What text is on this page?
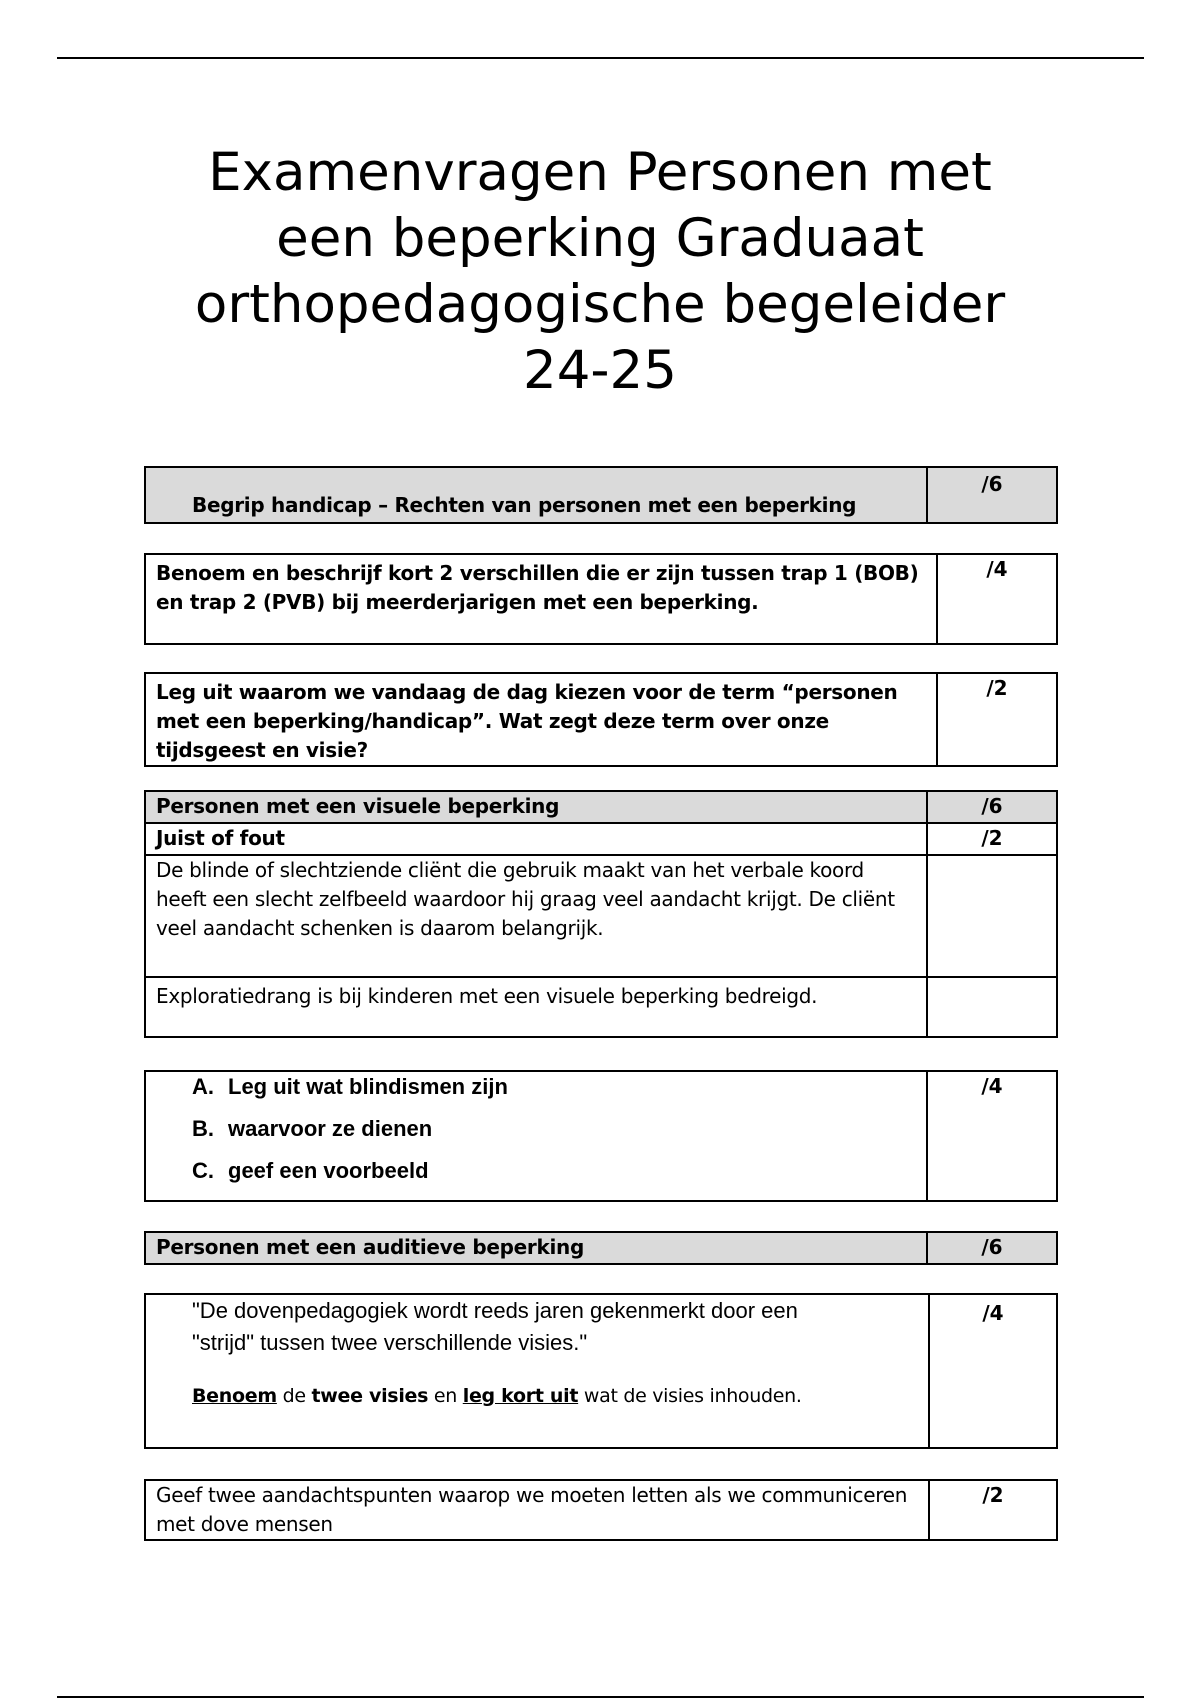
Examenvragen Personen met
een beperking Graduaat
orthopedagogische begeleider
24-25
Begrip handicap – Rechten van personen met een beperking
	/6
Benoem en beschrijf kort 2 verschillen die er zijn tussen trap 1 (BOB) en trap 2 (PVB) bij meerderjarigen met een beperking.	/4
Leg uit waarom we vandaag de dag kiezen voor de term “personen met een beperking/handicap”. Wat zegt deze term over onze tijdsgeest en visie?	/2
Personen met een visuele beperking	/6
Juist of fout	/2
De blinde of slechtziende cliënt die gebruik maakt van het verbale koord heeft een slecht zelfbeeld waardoor hij graag veel aandacht krijgt. De cliënt veel aandacht schenken is daarom belangrijk.	
Exploratiedrang is bij kinderen met een visuele beperking bedreigd.	
A. Leg uit wat blindismen zijn
B. waarvoor ze dienen
C. geef een voorbeeld
	/4
Personen met een auditieve beperking	/6
"De dovenpedagogiek wordt reeds jaren gekenmerkt door een
"strijd" tussen twee verschillende visies."
Benoem de twee visies en leg kort uit wat de visies inhouden.
	/4
Geef twee aandachtspunten waarop we moeten letten als we communiceren met dove mensen	/2
